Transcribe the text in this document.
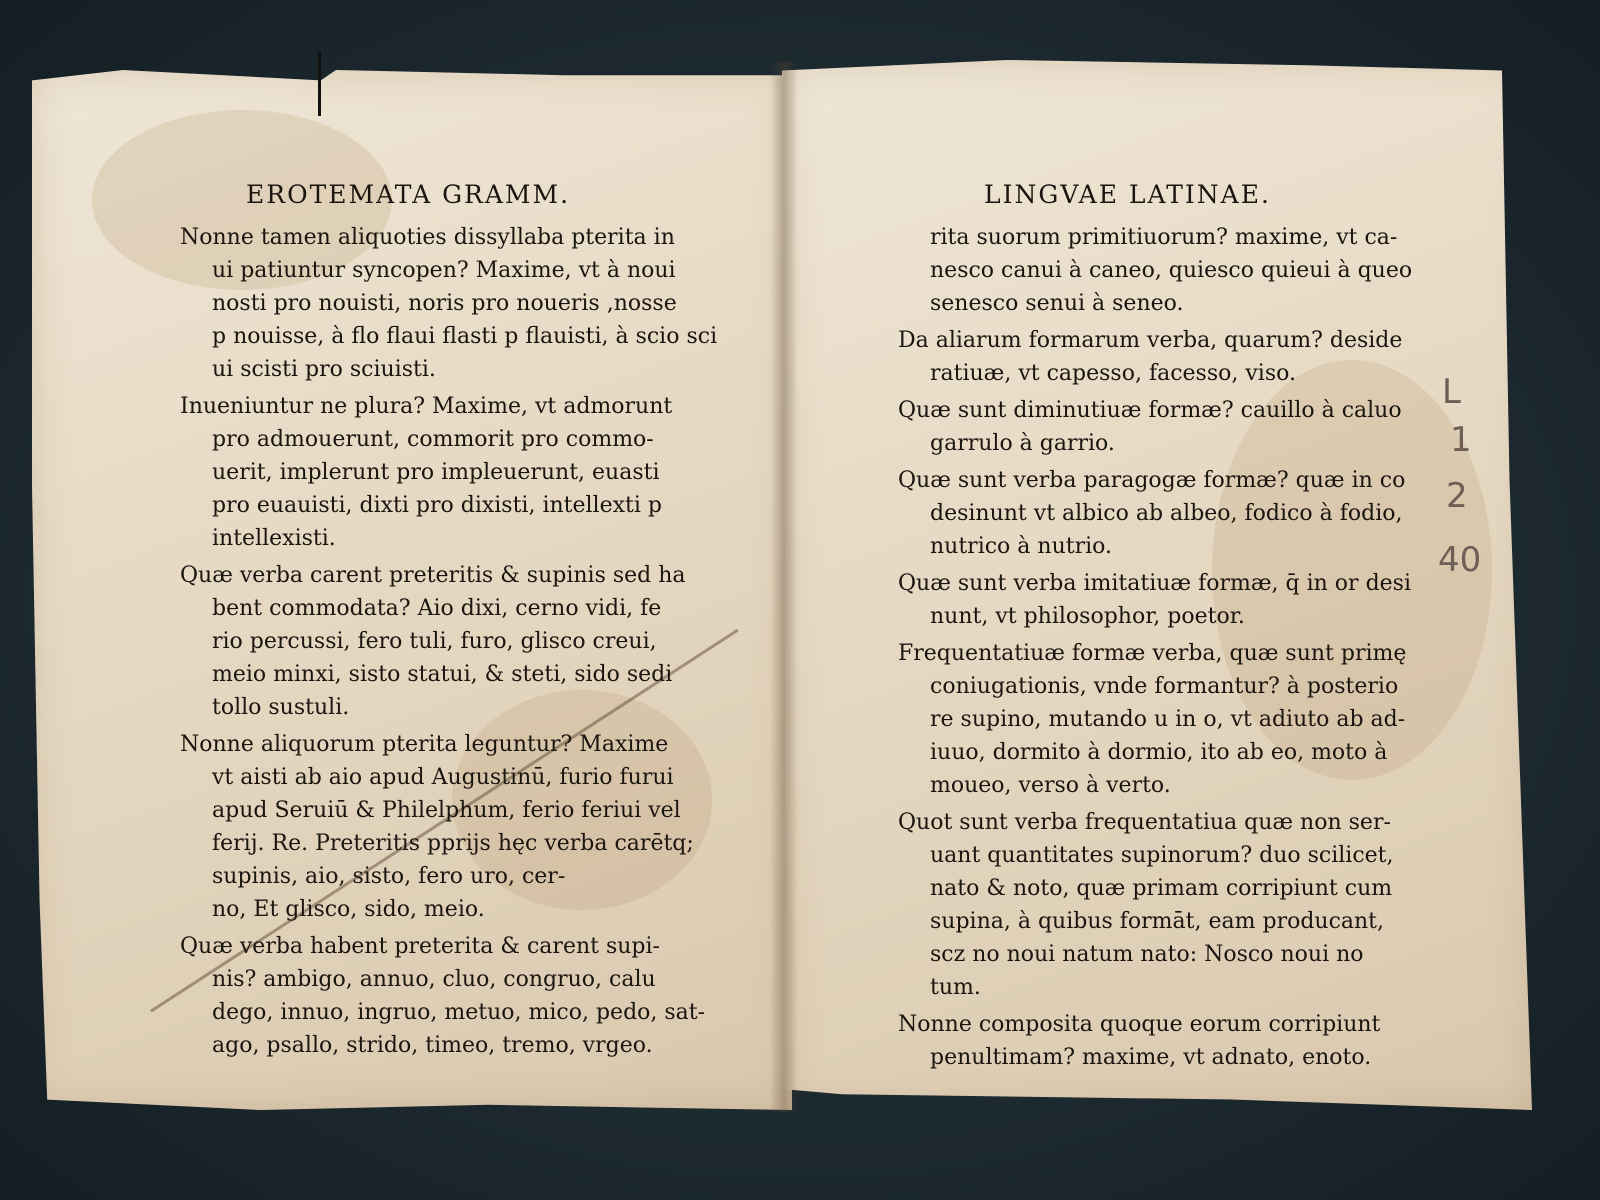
EROTEMATA GRAMM.
Nonne tamen aliquoties dissyllaba pterita in
ui patiuntur syncopen? Maxime, vt à noui
nosti pro nouisti, noris pro noueris ,nosse
p nouisse, à flo flaui flasti p flauisti, à scio sci
ui scisti pro sciuisti.
Inueniuntur ne plura? Maxime, vt admorunt
pro admouerunt, commorit pro commo-
uerit, implerunt pro impleuerunt, euasti
pro euauisti, dixti pro dixisti, intellexti p
intellexisti.
Quæ verba carent preteritis & supinis sed ha
bent commodata? Aio dixi, cerno vidi, fe
rio percussi, fero tuli, furo, glisco creui,
meio minxi, sisto statui, & steti, sido sedi
tollo sustuli.
Nonne aliquorum pterita leguntur? Maxime
vt aisti ab aio apud Augustinū, furio furui
apud Seruiū & Philelphum, ferio feriui vel
ferij. Re. Preteritis pprijs hęc verba carētq;
supinis, aio, sisto, fero uro, cer-
no, Et glisco, sido, meio.
Quæ verba habent preterita & carent supi-
nis? ambigo, annuo, cluo, congruo, calu
dego, innuo, ingruo, metuo, mico, pedo, sat-
ago, psallo, strido, timeo, tremo, vrgeo.
LINGVAE LATINAE.
rita suorum primitiuorum? maxime, vt ca-
nesco canui à caneo, quiesco quieui à queo
senesco senui à seneo.
Da aliarum formarum verba, quarum? deside
ratiuæ, vt capesso, facesso, viso.
Quæ sunt diminutiuæ formæ? cauillo à caluo
garrulo à garrio.
Quæ sunt verba paragogæ formæ? quæ in co
desinunt vt albico ab albeo, fodico à fodio,
nutrico à nutrio.
Quæ sunt verba imitatiuæ formæ, q̄ in or desi
nunt, vt philosophor, poetor.
Frequentatiuæ formæ verba, quæ sunt primę
coniugationis, vnde formantur? à posterio
re supino, mutando u in o, vt adiuto ab ad-
iuuo, dormito à dormio, ito ab eo, moto à
moueo, verso à verto.
Quot sunt verba frequentatiua quæ non ser-
uant quantitates supinorum? duo scilicet,
nato & noto, quæ primam corripiunt cum
supina, à quibus formāt, eam producant,
scz no noui natum nato: Nosco noui no
tum.
Nonne composita quoque eorum corripiunt
penultimam? maxime, vt adnato, enoto.
L
1
2
40
